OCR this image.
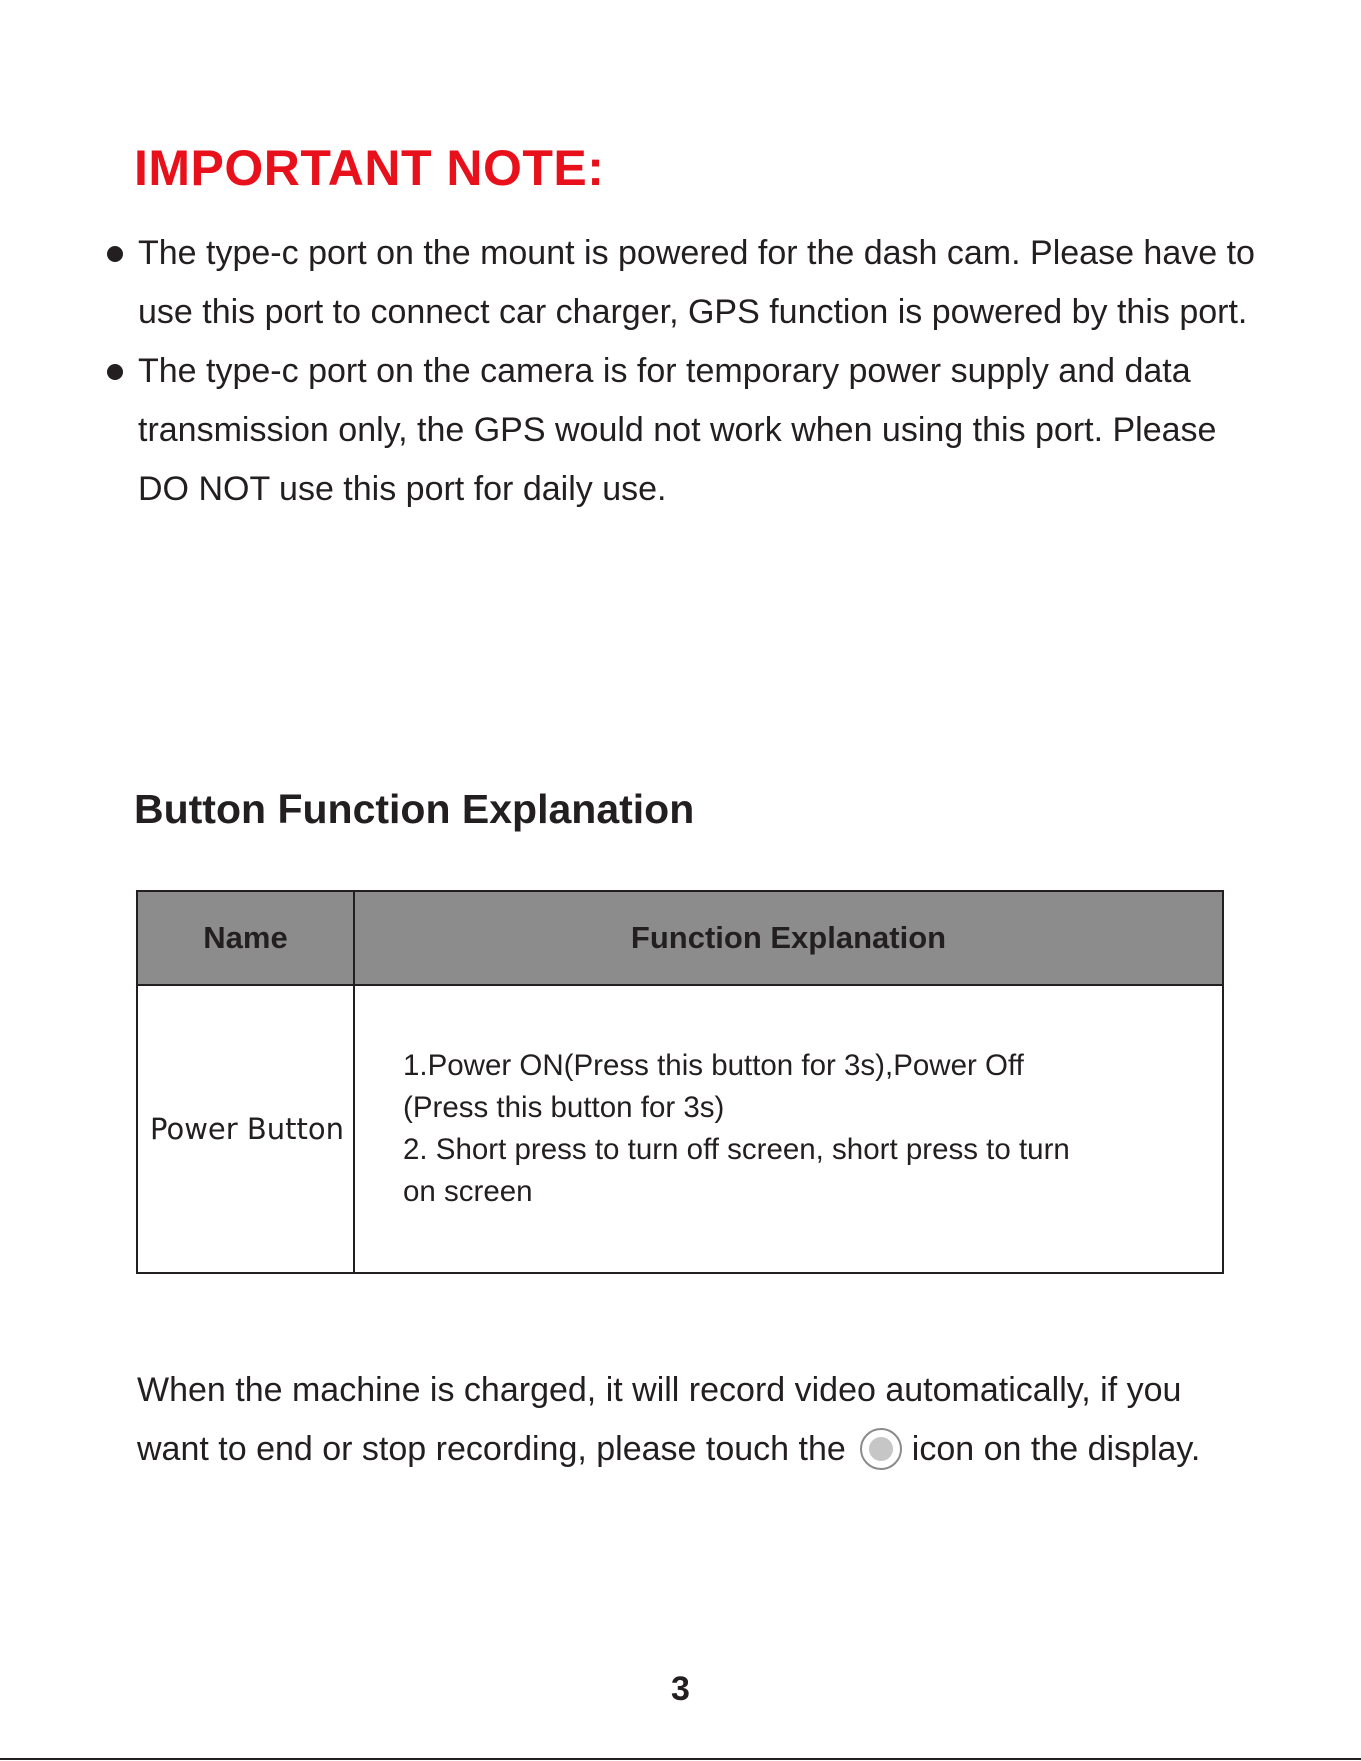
IMPORTANT NOTE:
The type-c port on the mount is powered for the dash cam. Please have to use this port to connect car charger, GPS function is powered by this port.
The type-c port on the camera is for temporary power supply and data transmission only, the GPS would not work when using this port. Please DO NOT use this port for daily use.
Button Function Explanation
Name	Function Explanation
Power Button	1.Power ON(Press this button for 3s),Power Off
(Press this button for 3s)
2. Short press to turn off screen, short press to turn
on screen

When the machine is charged, it will record video automatically, if you want to end or stop recording, please touch the icon on the display.

3
